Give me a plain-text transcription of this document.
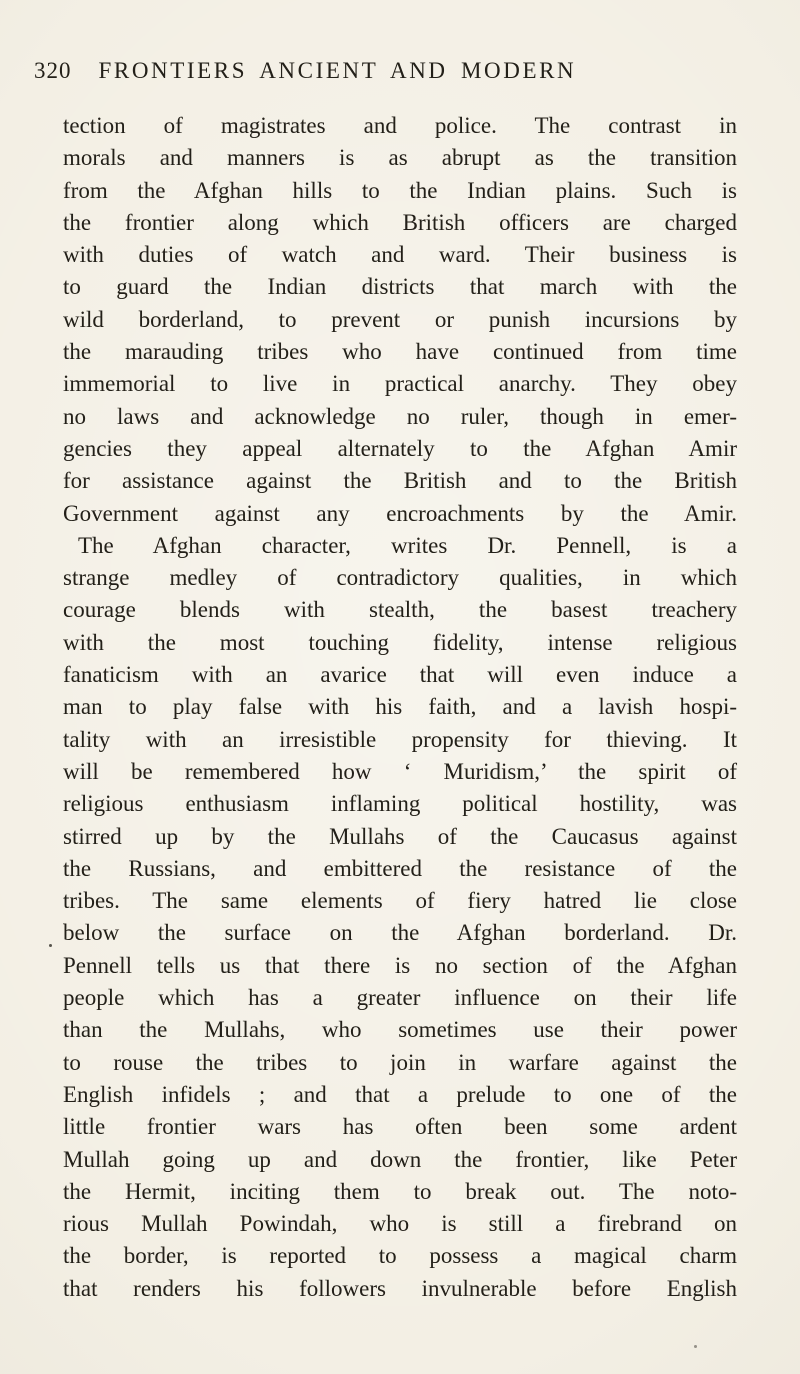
320 FRONTIERS ANCIENT AND MODERN
tection of magistrates and police. The contrast in
morals and manners is as abrupt as the transition
from the Afghan hills to the Indian plains. Such is
the frontier along which British officers are charged
with duties of watch and ward. Their business is
to guard the Indian districts that march with the
wild borderland, to prevent or punish incursions by
the marauding tribes who have continued from time
immemorial to live in practical anarchy. They obey
no laws and acknowledge no ruler, though in emer-
gencies they appeal alternately to the Afghan Amir
for assistance against the British and to the British
Government against any encroachments by the Amir.
The Afghan character, writes Dr. Pennell, is a
strange medley of contradictory qualities, in which
courage blends with stealth, the basest treachery
with the most touching fidelity, intense religious
fanaticism with an avarice that will even induce a
man to play false with his faith, and a lavish hospi-
tality with an irresistible propensity for thieving. It
will be remembered how ‘ Muridism,’ the spirit of
religious enthusiasm inflaming political hostility, was
stirred up by the Mullahs of the Caucasus against
the Russians, and embittered the resistance of the
tribes. The same elements of fiery hatred lie close
below the surface on the Afghan borderland. Dr.
Pennell tells us that there is no section of the Afghan
people which has a greater influence on their life
than the Mullahs, who sometimes use their power
to rouse the tribes to join in warfare against the
English infidels ; and that a prelude to one of the
little frontier wars has often been some ardent
Mullah going up and down the frontier, like Peter
the Hermit, inciting them to break out. The noto-
rious Mullah Powindah, who is still a firebrand on
the border, is reported to possess a magical charm
that renders his followers invulnerable before English
